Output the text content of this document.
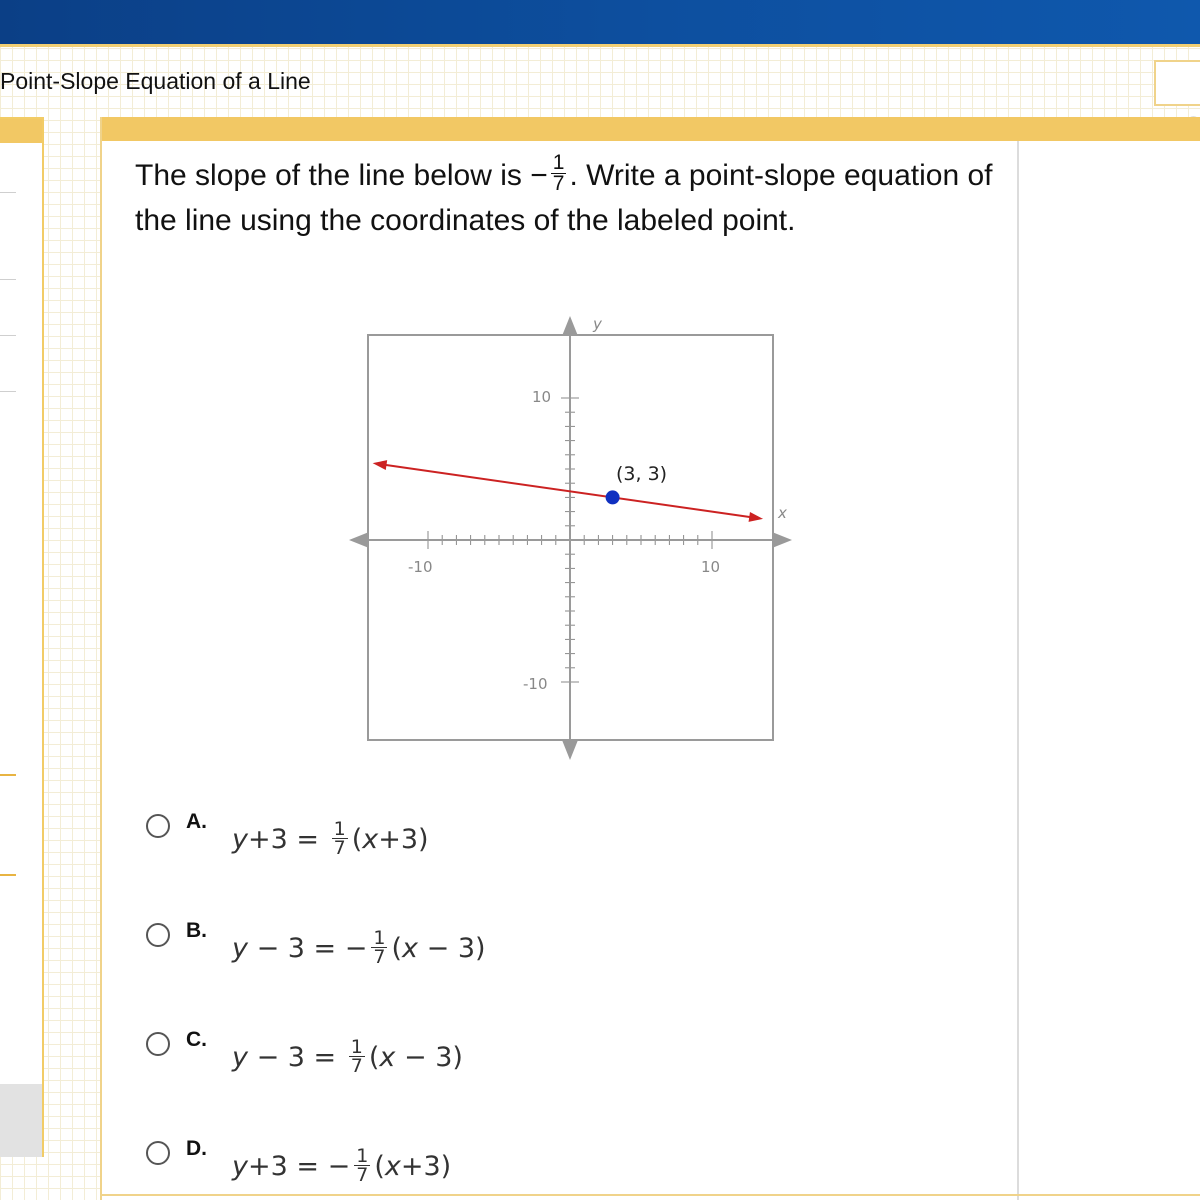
Point-Slope Equation of a Line
The slope of the line below is − $\frac{1}{7}$ . Write a point-slope equation of the line using the coordinates of the labeled point.
y
x
-10	10
10
-10
(3, 3)
A.
$y+3 = \frac{1}{7} (x+3)$
B.
y − 3 = − $\frac{1}{7} (x - 3)$
C.
$y - 3 = \frac{1}{7} (x - 3)$
D.
y+3 = − $\frac{1}{7} (x+3)$
